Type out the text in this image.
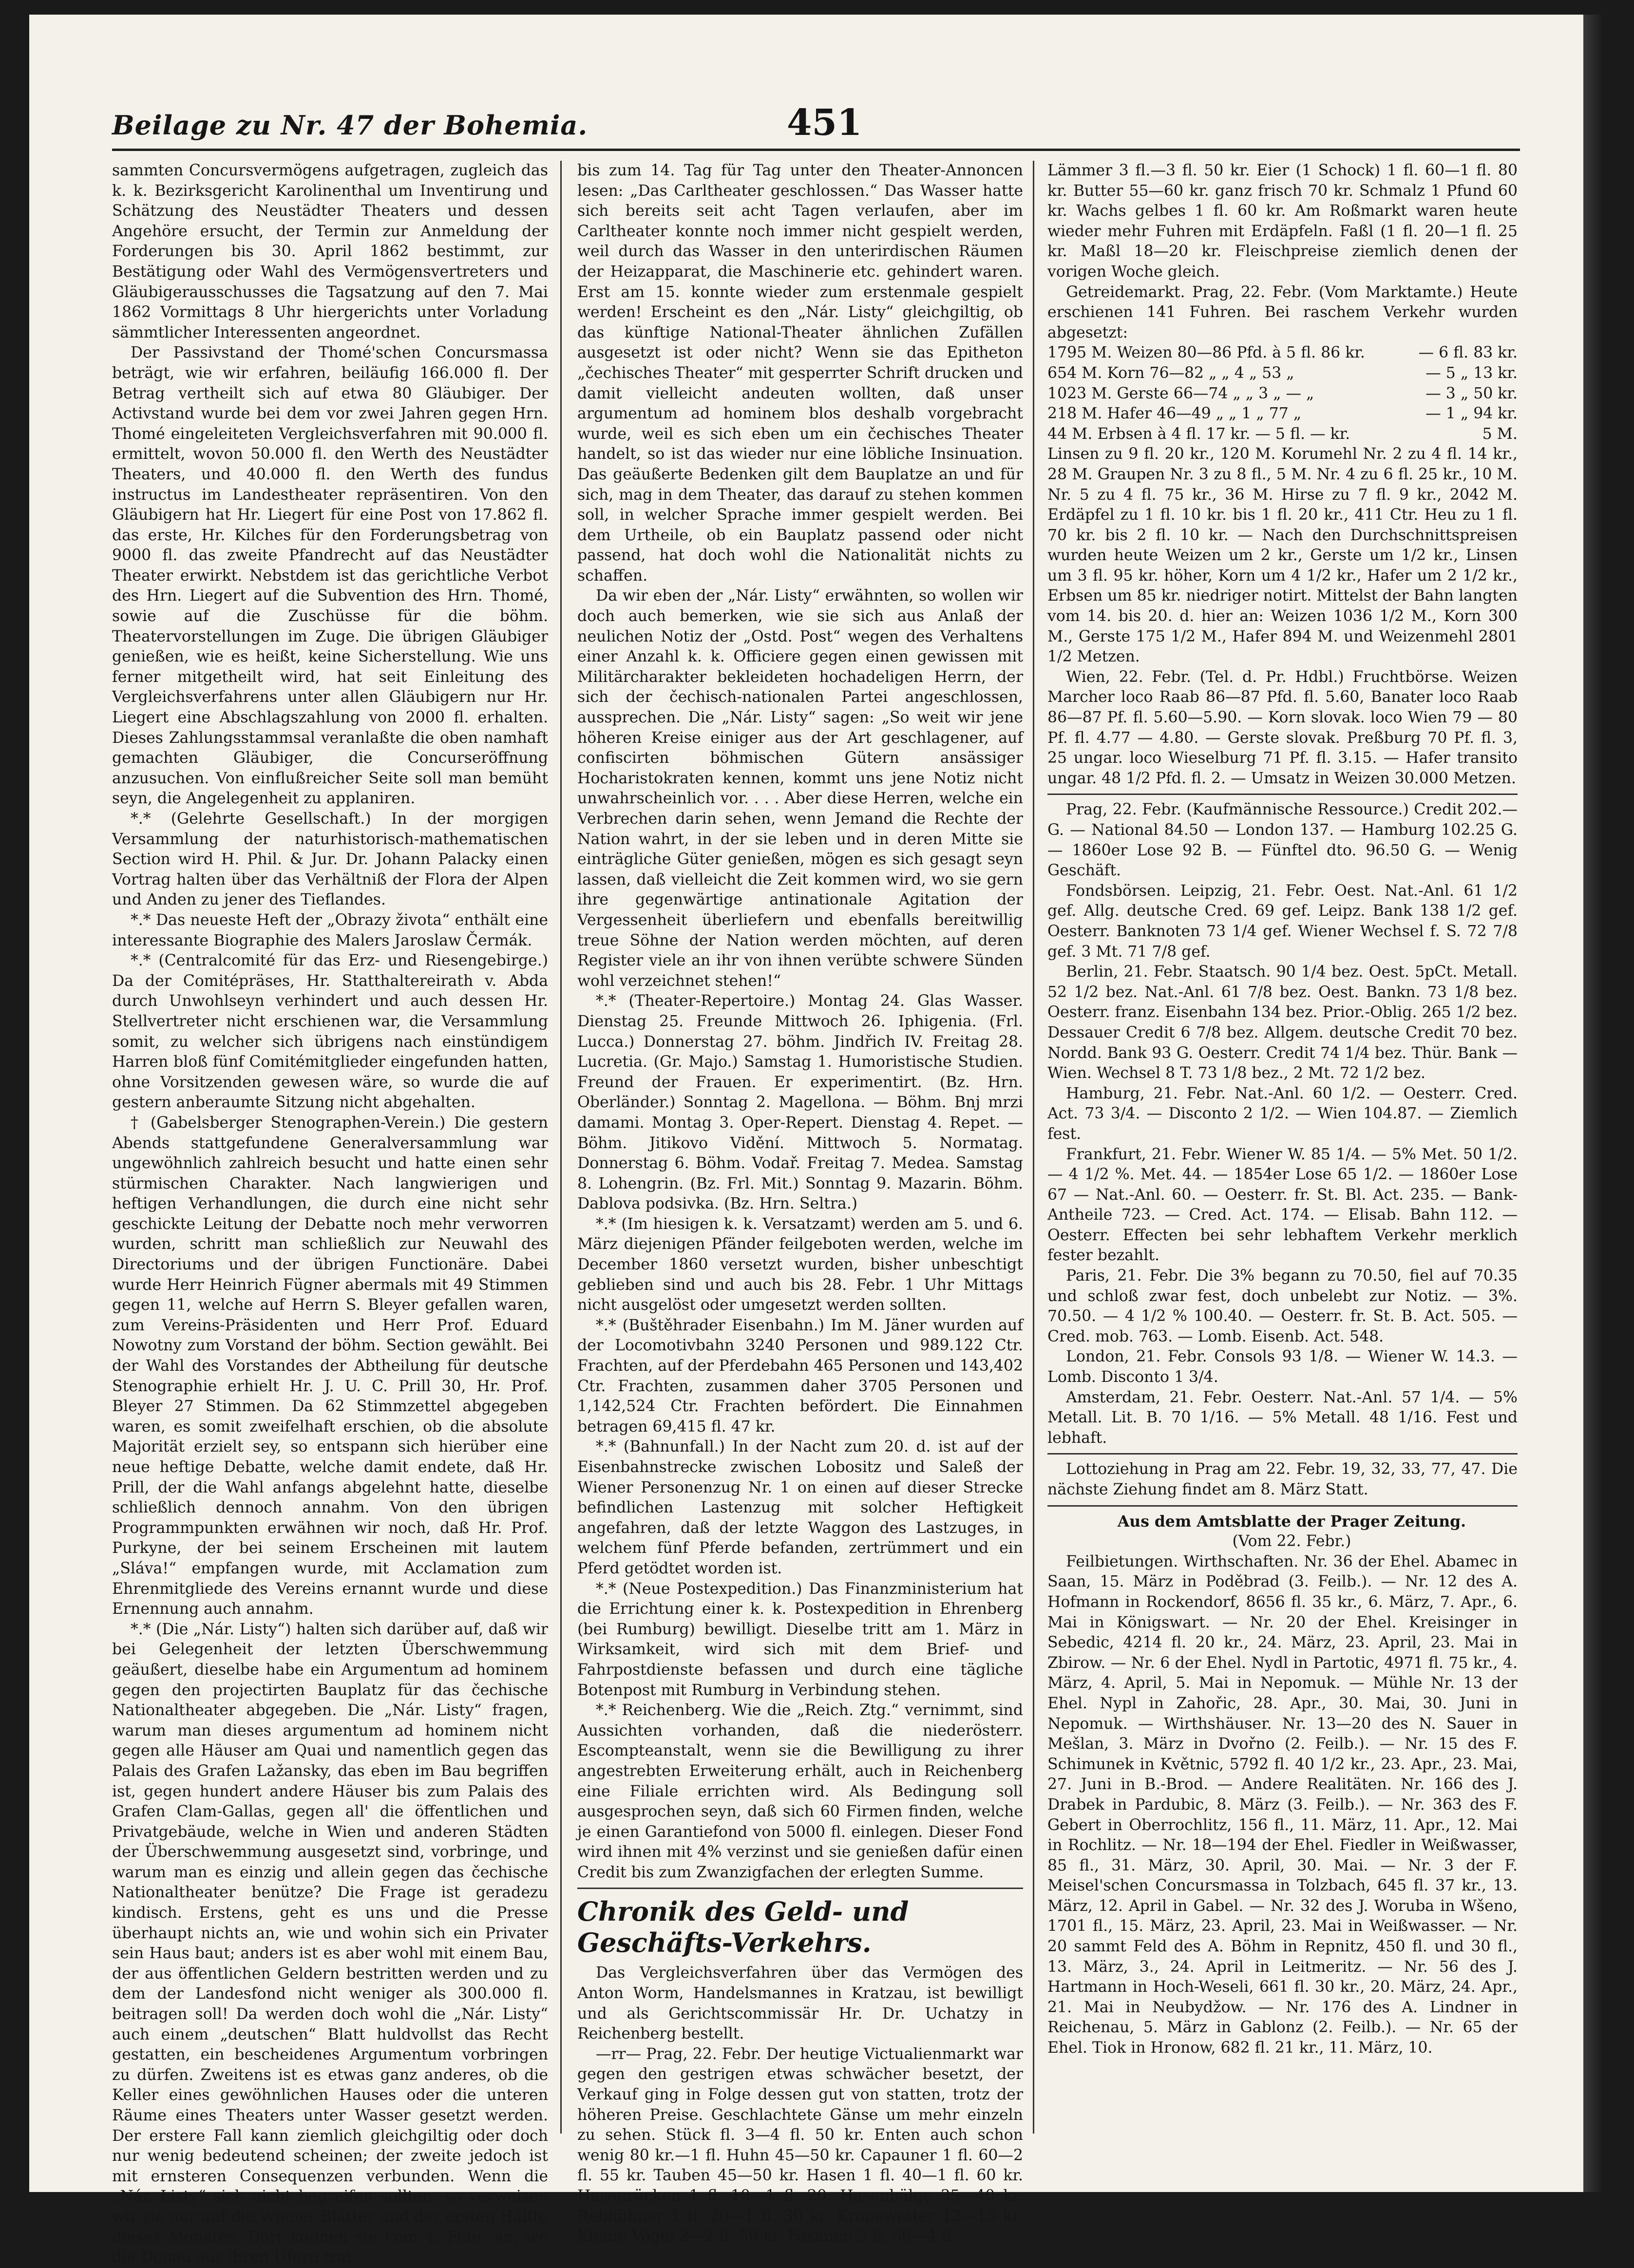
Beilage zu Nr. 47 der Bohemia.	451

sammten Concursvermögens aufgetragen, zugleich das k. k. Bezirksgericht Karolinenthal um Inventirung und Schätzung des Neustädter Theaters und dessen Angehöre ersucht, der Termin zur Anmeldung der Forderungen bis 30. April 1862 bestimmt, zur Bestätigung oder Wahl des Vermögensvertreters und Gläubigerausschusses die Tagsatzung auf den 7. Mai 1862 Vormittags 8 Uhr hiergerichts unter Vorladung sämmtlicher Interessenten angeordnet.

Der Passivstand der Thomé'schen Concursmassa beträgt, wie wir erfahren, beiläufig 166.000 fl. Der Betrag vertheilt sich auf etwa 80 Gläubiger. Der Activstand wurde bei dem vor zwei Jahren gegen Hrn. Thomé eingeleiteten Vergleichsverfahren mit 90.000 fl. ermittelt, wovon 50.000 fl. den Werth des Neustädter Theaters, und 40.000 fl. den Werth des fundus instructus im Landestheater repräsentiren. Von den Gläubigern hat Hr. Liegert für eine Post von 17.862 fl. das erste, Hr. Kilches für den Forderungsbetrag von 9000 fl. das zweite Pfandrecht auf das Neustädter Theater erwirkt. Nebstdem ist das gerichtliche Verbot des Hrn. Liegert auf die Subvention des Hrn. Thomé, sowie auf die Zuschüsse für die böhm. Theatervorstellungen im Zuge. Die übrigen Gläubiger genießen, wie es heißt, keine Sicherstellung. Wie uns ferner mitgetheilt wird, hat seit Einleitung des Vergleichsverfahrens unter allen Gläubigern nur Hr. Liegert eine Abschlagszahlung von 2000 fl. erhalten. Dieses Zahlungsstammsal veranlaßte die oben namhaft gemachten Gläubiger, die Concurseröffnung anzusuchen. Von einflußreicher Seite soll man bemüht seyn, die Angelegenheit zu applaniren.

*.* (Gelehrte Gesellschaft.) In der morgigen Versammlung der naturhistorisch-mathematischen Section wird H. Phil. & Jur. Dr. Johann Palacky einen Vortrag halten über das Verhältniß der Flora der Alpen und Anden zu jener des Tieflandes.

*.* Das neueste Heft der „Obrazy života“ enthält eine interessante Biographie des Malers Jaroslaw Čermák.

*.* (Centralcomité für das Erz- und Riesengebirge.) Da der Comitépräses, Hr. Statthaltereirath v. Abda durch Unwohlseyn verhindert und auch dessen Hr. Stellvertreter nicht erschienen war, die Versammlung somit, zu welcher sich übrigens nach einstündigem Harren bloß fünf Comitémitglieder eingefunden hatten, ohne Vorsitzenden gewesen wäre, so wurde die auf gestern anberaumte Sitzung nicht abgehalten.

† (Gabelsberger Stenographen-Verein.) Die gestern Abends stattgefundene Generalversammlung war ungewöhnlich zahlreich besucht und hatte einen sehr stürmischen Charakter. Nach langwierigen und heftigen Verhandlungen, die durch eine nicht sehr geschickte Leitung der Debatte noch mehr verworren wurden, schritt man schließlich zur Neuwahl des Directoriums und der übrigen Functionäre. Dabei wurde Herr Heinrich Fügner abermals mit 49 Stimmen gegen 11, welche auf Herrn S. Bleyer gefallen waren, zum Vereins-Präsidenten und Herr Prof. Eduard Nowotny zum Vorstand der böhm. Section gewählt. Bei der Wahl des Vorstandes der Abtheilung für deutsche Stenographie erhielt Hr. J. U. C. Prill 30, Hr. Prof. Bleyer 27 Stimmen. Da 62 Stimmzettel abgegeben waren, es somit zweifelhaft erschien, ob die absolute Majorität erzielt sey, so entspann sich hierüber eine neue heftige Debatte, welche damit endete, daß Hr. Prill, der die Wahl anfangs abgelehnt hatte, dieselbe schließlich dennoch annahm. Von den übrigen Programmpunkten erwähnen wir noch, daß Hr. Prof. Purkyne, der bei seinem Erscheinen mit lautem „Sláva!“ empfangen wurde, mit Acclamation zum Ehrenmitgliede des Vereins ernannt wurde und diese Ernennung auch annahm.

*.* (Die „Nár. Listy“) halten sich darüber auf, daß wir bei Gelegenheit der letzten Überschwemmung geäußert, dieselbe habe ein Argumentum ad hominem gegen den projectirten Bauplatz für das čechische Nationaltheater abgegeben. Die „Nár. Listy“ fragen, warum man dieses argumentum ad hominem nicht gegen alle Häuser am Quai und namentlich gegen das Palais des Grafen Lažansky, das eben im Bau begriffen ist, gegen hundert andere Häuser bis zum Palais des Grafen Clam-Gallas, gegen all' die öffentlichen und Privatgebäude, welche in Wien und anderen Städten der Überschwemmung ausgesetzt sind, vorbringe, und warum man es einzig und allein gegen das čechische Nationaltheater benütze? Die Frage ist geradezu kindisch. Erstens, geht es uns und die Presse überhaupt nichts an, wie und wohin sich ein Privater sein Haus baut; anders ist es aber wohl mit einem Bau, der aus öffentlichen Geldern bestritten werden und zu dem der Landesfond nicht weniger als 300.000 fl. beitragen soll! Da werden doch wohl die „Nár. Listy“ auch einem „deutschen“ Blatt huldvollst das Recht gestatten, ein bescheidenes Argumentum vorbringen zu dürfen. Zweitens ist es etwas ganz anderes, ob die Keller eines gewöhnlichen Hauses oder die unteren Räume eines Theaters unter Wasser gesetzt werden. Der erstere Fall kann ziemlich gleichgiltig oder doch nur wenig bedeutend scheinen; der zweite jedoch ist mit ernsteren Consequenzen verbunden. Wenn die „Nár. Listy“ sich nicht begreifen sollten, so verweisen wir sie nur auf die Wiener Blätter und der ersten Hälfte dieses Monates. Dort können sie vom 4. Febr. an, wo die Donau aus ihren Ufern trat,

bis zum 14. Tag für Tag unter den Theater-Annoncen lesen: „Das Carltheater geschlossen.“ Das Wasser hatte sich bereits seit acht Tagen verlaufen, aber im Carltheater konnte noch immer nicht gespielt werden, weil durch das Wasser in den unterirdischen Räumen der Heizapparat, die Maschinerie etc. gehindert waren. Erst am 15. konnte wieder zum erstenmale gespielt werden! Erscheint es den „Nár. Listy“ gleichgiltig, ob das künftige National-Theater ähnlichen Zufällen ausgesetzt ist oder nicht? Wenn sie das Epitheton „čechisches Theater“ mit gesperrter Schrift drucken und damit vielleicht andeuten wollten, daß unser argumentum ad hominem blos deshalb vorgebracht wurde, weil es sich eben um ein čechisches Theater handelt, so ist das wieder nur eine löbliche Insinuation. Das geäußerte Bedenken gilt dem Bauplatze an und für sich, mag in dem Theater, das darauf zu stehen kommen soll, in welcher Sprache immer gespielt werden. Bei dem Urtheile, ob ein Bauplatz passend oder nicht passend, hat doch wohl die Nationalität nichts zu schaffen.

Da wir eben der „Nár. Listy“ erwähnten, so wollen wir doch auch bemerken, wie sie sich aus Anlaß der neulichen Notiz der „Ostd. Post“ wegen des Verhaltens einer Anzahl k. k. Officiere gegen einen gewissen mit Militärcharakter bekleideten hochadeligen Herrn, der sich der čechisch-nationalen Partei angeschlossen, aussprechen. Die „Nár. Listy“ sagen: „So weit wir jene höheren Kreise einiger aus der Art geschlagener, auf confiscirten böhmischen Gütern ansässiger Hocharistokraten kennen, kommt uns jene Notiz nicht unwahrscheinlich vor. . . . Aber diese Herren, welche ein Verbrechen darin sehen, wenn Jemand die Rechte der Nation wahrt, in der sie leben und in deren Mitte sie einträgliche Güter genießen, mögen es sich gesagt seyn lassen, daß vielleicht die Zeit kommen wird, wo sie gern ihre gegenwärtige antinationale Agitation der Vergessenheit überliefern und ebenfalls bereitwillig treue Söhne der Nation werden möchten, auf deren Register viele an ihr von ihnen verübte schwere Sünden wohl verzeichnet stehen!“

*.* (Theater-Repertoire.) Montag 24. Glas Wasser. Dienstag 25. Freunde Mittwoch 26. Iphigenia. (Frl. Lucca.) Donnerstag 27. böhm. Jindřich IV. Freitag 28. Lucretia. (Gr. Majo.) Samstag 1. Humoristische Studien. Freund der Frauen. Er experimentirt. (Bz. Hrn. Oberländer.) Sonntag 2. Magellona. — Böhm. Bnj mrzi damami. Montag 3. Oper-Repert. Dienstag 4. Repet. — Böhm. Jitikovo Vidění. Mittwoch 5. Normatag. Donnerstag 6. Böhm. Vodař. Freitag 7. Medea. Samstag 8. Lohengrin. (Bz. Frl. Mit.) Sonntag 9. Mazarin. Böhm. Dablova podsivka. (Bz. Hrn. Seltra.)

*.* (Im hiesigen k. k. Versatzamt) werden am 5. und 6. März diejenigen Pfänder feilgeboten werden, welche im December 1860 versetzt wurden, bisher unbeschtigt geblieben sind und auch bis 28. Febr. 1 Uhr Mittags nicht ausgelöst oder umgesetzt werden sollten.

*.* (Buštěhrader Eisenbahn.) Im M. Jäner wurden auf der Locomotivbahn 3240 Personen und 989.122 Ctr. Frachten, auf der Pferdebahn 465 Personen und 143,402 Ctr. Frachten, zusammen daher 3705 Personen und 1,142,524 Ctr. Frachten befördert. Die Einnahmen betragen 69,415 fl. 47 kr.

*.* (Bahnunfall.) In der Nacht zum 20. d. ist auf der Eisenbahnstrecke zwischen Lobositz und Saleß der Wiener Personenzug Nr. 1 on einen auf dieser Strecke befindlichen Lastenzug mit solcher Heftigkeit angefahren, daß der letzte Waggon des Lastzuges, in welchem fünf Pferde befanden, zertrümmert und ein Pferd getödtet worden ist.

*.* (Neue Postexpedition.) Das Finanzministerium hat die Errichtung einer k. k. Postexpedition in Ehrenberg (bei Rumburg) bewilligt. Dieselbe tritt am 1. März in Wirksamkeit, wird sich mit dem Brief- und Fahrpostdienste befassen und durch eine tägliche Botenpost mit Rumburg in Verbindung stehen.

*.* Reichenberg. Wie die „Reich. Ztg.“ vernimmt, sind Aussichten vorhanden, daß die niederösterr. Escompteanstalt, wenn sie die Bewilligung zu ihrer angestrebten Erweiterung erhält, auch in Reichenberg eine Filiale errichten wird. Als Bedingung soll ausgesprochen seyn, daß sich 60 Firmen finden, welche je einen Garantiefond von 5000 fl. einlegen. Dieser Fond wird ihnen mit 4% verzinst und sie genießen dafür einen Credit bis zum Zwanzigfachen der erlegten Summe.

Chronik des Geld- und Geschäfts-Verkehrs.

Das Vergleichsverfahren über das Vermögen des Anton Worm, Handelsmannes in Kratzau, ist bewilligt und als Gerichtscommissär Hr. Dr. Uchatzy in Reichenberg bestellt.

—rr— Prag, 22. Febr. Der heutige Victualienmarkt war gegen den gestrigen etwas schwächer besetzt, der Verkauf ging in Folge dessen gut von statten, trotz der höheren Preise. Geschlachtete Gänse um mehr einzeln zu sehen. Stück fl. 3—4 fl. 50 kr. Enten auch schon wenig 80 kr.—1 fl. Huhn 45—50 kr. Capauner 1 fl. 60—2 fl. 55 kr. Tauben 45—50 kr. Hasen 1 fl. 40—1 fl. 60 kr. Hasenrücken 1 fl. 10—1 fl. 20. Hasenbälge 35—40 kr. Rebhühner 1 fl. 20—1 fl. 30 kr. Kronewetter 12—15 kr. Kleine Vögel 2—2 fl. 50 kr. Fasanen 3 fl. 50—4 fl.

Lämmer 3 fl.—3 fl. 50 kr. Eier (1 Schock) 1 fl. 60—1 fl. 80 kr. Butter 55—60 kr. ganz frisch 70 kr. Schmalz 1 Pfund 60 kr. Wachs gelbes 1 fl. 60 kr. Am Roßmarkt waren heute wieder mehr Fuhren mit Erdäpfeln. Faßl (1 fl. 20—1 fl. 25 kr. Maßl 18—20 kr. Fleischpreise ziemlich denen der vorigen Woche gleich.

Getreidemarkt. Prag, 22. Febr. (Vom Marktamte.) Heute erschienen 141 Fuhren. Bei raschem Verkehr wurden abgesetzt:

1795 M. Weizen 80—86 Pfd. à 5 fl. 86 kr.	— 6 fl. 83 kr.
654 M. Korn 76—82 „ „ 4 „ 53 „	— 5 „ 13 kr.
1023 M. Gerste 66—74 „ „ 3 „ — „	— 3 „ 50 kr.
218 M. Hafer 46—49 „ „ 1 „ 77 „	— 1 „ 94 kr.
44 M. Erbsen à 4 fl. 17 kr. — 5 fl. — kr.	5 M.

Linsen zu 9 fl. 20 kr., 120 M. Korumehl Nr. 2 zu 4 fl. 14 kr., 28 M. Graupen Nr. 3 zu 8 fl., 5 M. Nr. 4 zu 6 fl. 25 kr., 10 M. Nr. 5 zu 4 fl. 75 kr., 36 M. Hirse zu 7 fl. 9 kr., 2042 M. Erdäpfel zu 1 fl. 10 kr. bis 1 fl. 20 kr., 411 Ctr. Heu zu 1 fl. 70 kr. bis 2 fl. 10 kr. — Nach den Durchschnittspreisen wurden heute Weizen um 2 kr., Gerste um 1/2 kr., Linsen um 3 fl. 95 kr. höher, Korn um 4 1/2 kr., Hafer um 2 1/2 kr., Erbsen um 85 kr. niedriger notirt. Mittelst der Bahn langten vom 14. bis 20. d. hier an: Weizen 1036 1/2 M., Korn 300 M., Gerste 175 1/2 M., Hafer 894 M. und Weizenmehl 2801 1/2 Metzen.

Wien, 22. Febr. (Tel. d. Pr. Hdbl.) Fruchtbörse. Weizen Marcher loco Raab 86—87 Pfd. fl. 5.60, Banater loco Raab 86—87 Pf. fl. 5.60—5.90. — Korn slovak. loco Wien 79 — 80 Pf. fl. 4.77 — 4.80. — Gerste slovak. Preßburg 70 Pf. fl. 3, 25 ungar. loco Wieselburg 71 Pf. fl. 3.15. — Hafer transito ungar. 48 1/2 Pfd. fl. 2. — Umsatz in Weizen 30.000 Metzen.

Prag, 22. Febr. (Kaufmännische Ressource.) Credit 202.— G. — National 84.50 — London 137. — Hamburg 102.25 G. — 1860er Lose 92 B. — Fünftel dto. 96.50 G. — Wenig Geschäft.

Fondsbörsen. Leipzig, 21. Febr. Oest. Nat.-Anl. 61 1/2 gef. Allg. deutsche Cred. 69 gef. Leipz. Bank 138 1/2 gef. Oesterr. Banknoten 73 1/4 gef. Wiener Wechsel f. S. 72 7/8 gef. 3 Mt. 71 7/8 gef.

Berlin, 21. Febr. Staatsch. 90 1/4 bez. Oest. 5pCt. Metall. 52 1/2 bez. Nat.-Anl. 61 7/8 bez. Oest. Bankn. 73 1/8 bez. Oesterr. franz. Eisenbahn 134 bez. Prior.-Oblig. 265 1/2 bez. Dessauer Credit 6 7/8 bez. Allgem. deutsche Credit 70 bez. Nordd. Bank 93 G. Oesterr. Credit 74 1/4 bez. Thür. Bank — Wien. Wechsel 8 T. 73 1/8 bez., 2 Mt. 72 1/2 bez.

Hamburg, 21. Febr. Nat.-Anl. 60 1/2. — Oesterr. Cred. Act. 73 3/4. — Disconto 2 1/2. — Wien 104.87. — Ziemlich fest.

Frankfurt, 21. Febr. Wiener W. 85 1/4. — 5% Met. 50 1/2. — 4 1/2 %. Met. 44. — 1854er Lose 65 1/2. — 1860er Lose 67 — Nat.-Anl. 60. — Oesterr. fr. St. Bl. Act. 235. — Bank-Antheile 723. — Cred. Act. 174. — Elisab. Bahn 112. — Oesterr. Effecten bei sehr lebhaftem Verkehr merklich fester bezahlt.

Paris, 21. Febr. Die 3% begann zu 70.50, fiel auf 70.35 und schloß zwar fest, doch unbelebt zur Notiz. — 3%. 70.50. — 4 1/2 % 100.40. — Oesterr. fr. St. B. Act. 505. — Cred. mob. 763. — Lomb. Eisenb. Act. 548.

London, 21. Febr. Consols 93 1/8. — Wiener W. 14.3. — Lomb. Disconto 1 3/4.

Amsterdam, 21. Febr. Oesterr. Nat.-Anl. 57 1/4. — 5% Metall. Lit. B. 70 1/16. — 5% Metall. 48 1/16. Fest und lebhaft.

Lottoziehung in Prag am 22. Febr. 19, 32, 33, 77, 47. Die nächste Ziehung findet am 8. März Statt.

Aus dem Amtsblatte der Prager Zeitung.

(Vom 22. Febr.)

Feilbietungen. Wirthschaften. Nr. 36 der Ehel. Abamec in Saan, 15. März in Poděbrad (3. Feilb.). — Nr. 12 des A. Hofmann in Rockendorf, 8656 fl. 35 kr., 6. März, 7. Apr., 6. Mai in Königswart. — Nr. 20 der Ehel. Kreisinger in Sebedic, 4214 fl. 20 kr., 24. März, 23. April, 23. Mai in Zbirow. — Nr. 6 der Ehel. Nydl in Partotic, 4971 fl. 75 kr., 4. März, 4. April, 5. Mai in Nepomuk. — Mühle Nr. 13 der Ehel. Nypl in Zahořic, 28. Apr., 30. Mai, 30. Juni in Nepomuk. — Wirthshäuser. Nr. 13—20 des N. Sauer in Mešlan, 3. März in Dvořno (2. Feilb.). — Nr. 15 des F. Schimunek in Květnic, 5792 fl. 40 1/2 kr., 23. Apr., 23. Mai, 27. Juni in B.-Brod. — Andere Realitäten. Nr. 166 des J. Drabek in Pardubic, 8. März (3. Feilb.). — Nr. 363 des F. Gebert in Oberrochlitz, 156 fl., 11. März, 11. Apr., 12. Mai in Rochlitz. — Nr. 18—194 der Ehel. Fiedler in Weißwasser, 85 fl., 31. März, 30. April, 30. Mai. — Nr. 3 der F. Meisel'schen Concursmassa in Tolzbach, 645 fl. 37 kr., 13. März, 12. April in Gabel. — Nr. 32 des J. Woruba in Wšeno, 1701 fl., 15. März, 23. April, 23. Mai in Weißwasser. — Nr. 20 sammt Feld des A. Böhm in Repnitz, 450 fl. und 30 fl., 13. März, 3., 24. April in Leitmeritz. — Nr. 56 des J. Hartmann in Hoch-Weseli, 661 fl. 30 kr., 20. März, 24. Apr., 21. Mai in Neubydžow. — Nr. 176 des A. Lindner in Reichenau, 5. März in Gablonz (2. Feilb.). — Nr. 65 der Ehel. Tiok in Hronow, 682 fl. 21 kr., 11. März, 10.
